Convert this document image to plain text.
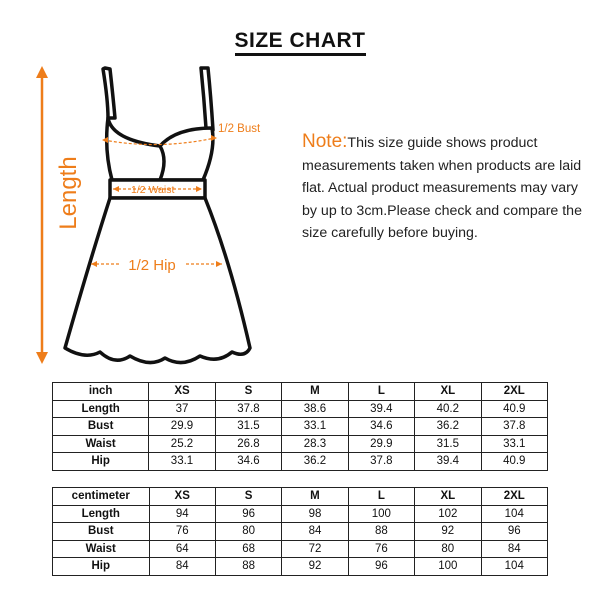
SIZE CHART
Length
1/2 Bust
1/2 Waist
1/2 Hip
Note:This size guide shows product measurements taken when products are laid flat. Actual product measurements may vary by up to 3cm.Please check and compare the size carefully before buying.
inch	XS	S	M	L	XL	2XL
Length	37	37.8	38.6	39.4	40.2	40.9
Bust	29.9	31.5	33.1	34.6	36.2	37.8
Waist	25.2	26.8	28.3	29.9	31.5	33.1
Hip	33.1	34.6	36.2	37.8	39.4	40.9
centimeter	XS	S	M	L	XL	2XL
Length	94	96	98	100	102	104
Bust	76	80	84	88	92	96
Waist	64	68	72	76	80	84
Hip	84	88	92	96	100	104
